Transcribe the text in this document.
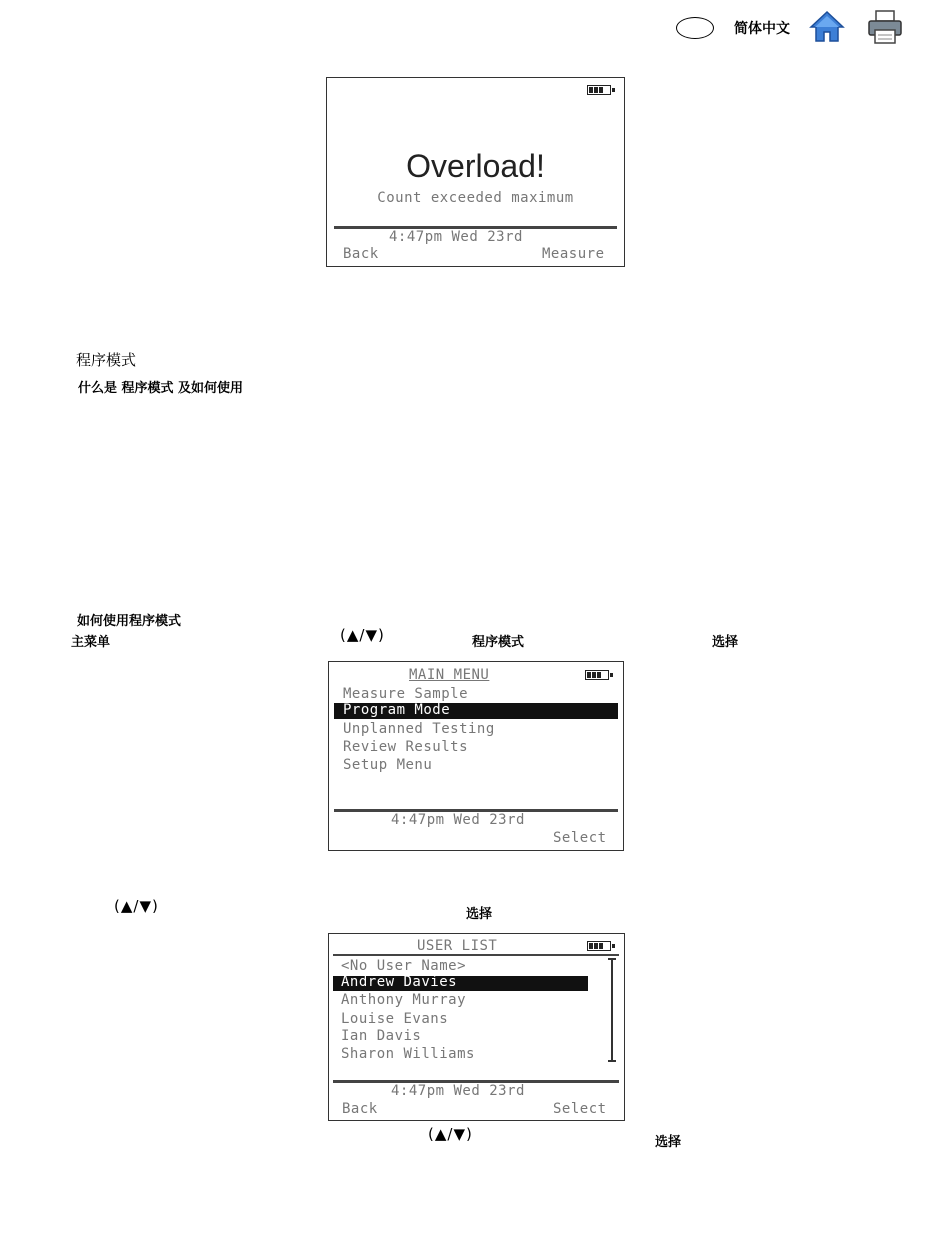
简体中文
Overload!
Count exceeded maximum
4:47pm Wed 23rd
Back	Measure
程序模式
什么是 程序模式 及如何使用
如何使用程序模式
主菜单	(▲/▼)	程序模式	选择
MAIN MENU
Measure Sample
Program Mode
Unplanned Testing
Review Results
Setup Menu
4:47pm Wed 23rd
Select
(▲/▼)	选择
USER LIST
<No User Name>
Andrew Davies
Anthony Murray
Louise Evans
Ian Davis
Sharon Williams
4:47pm Wed 23rd
Back	Select
(▲/▼)	选择
